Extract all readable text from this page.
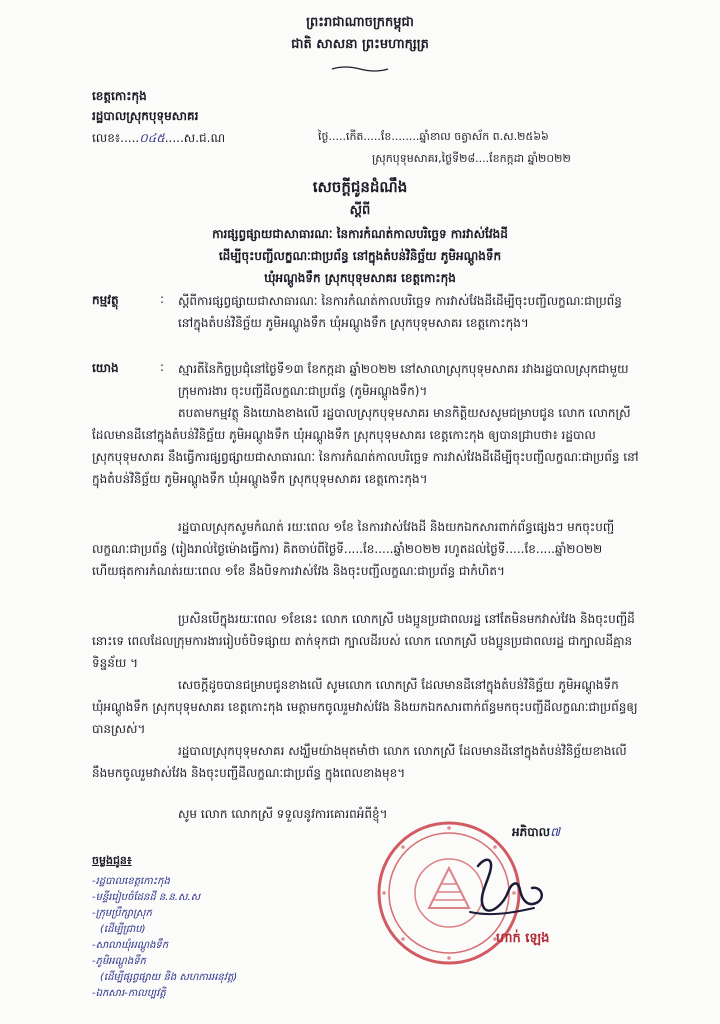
ព្រះរាជាណាចក្រកម្ពុជា
ជាតិ សាសនា ព្រះមហាក្សត្រ
ខេត្តកោះកុង
រដ្ឋបាលស្រុកបុទុមសាគរ
លេខ៖.....០៤៥.....ស.ជ.ណ	ថ្ងៃ.....កើត.....ខែ........ឆ្នាំខាល ចត្វាស័ក ព.ស.២៥៦៦
ស្រុកបុទុមសាគរ,ថ្ងៃទី២៨....ខែកក្កដា ឆ្នាំ២០២២
សេចក្តីជូនដំណឹង
ស្តីពី
ការផ្សព្វផ្សាយជាសាធារណៈ នៃការកំណត់កាលបរិច្ឆេទ ការវាស់វែងដី
ដើម្បីចុះបញ្ជីលក្ខណៈជាប្រព័ន្ធ នៅក្នុងតំបន់វិនិច្ឆ័យ ភូមិអណ្តូងទឹក
ឃុំអណ្តូងទឹក ស្រុកបុទុមសាគរ ខេត្តកោះកុង
កម្មវត្ថុ	: ស្តីពីការផ្សព្វផ្សាយជាសាធារណៈ នៃការកំណត់កាលបរិច្ឆេទ ការវាស់វែងដីដើម្បីចុះបញ្ជីលក្ខណៈជាប្រព័ន្ធ នៅក្នុងតំបន់វិនិច្ឆ័យ ភូមិអណ្តូងទឹក ឃុំអណ្តូងទឹក ស្រុកបុទុមសាគរ ខេត្តកោះកុង។
យោង	: ស្មារតីនៃកិច្ចប្រជុំនៅថ្ងៃទី១៣ ខែកក្កដា ឆ្នាំ២០២២ នៅសាលាស្រុកបុទុមសាគរ រវាងរដ្ឋបាលស្រុកជាមួយក្រុមការងារ ចុះបញ្ជីដីលក្ខណៈជាប្រព័ន្ធ (ភូមិអណ្តូងទឹក)។
តបតាមកម្មវត្ថុ និងយោងខាងលើ រដ្ឋបាលស្រុកបុទុមសាគរ មានកិត្តិយសសូមជម្រាបជូន លោក លោកស្រី ដែលមានដីនៅក្នុងតំបន់វិនិច្ឆ័យ ភូមិអណ្តូងទឹក ឃុំអណ្តូងទឹក ស្រុកបុទុមសាគរ ខេត្តកោះកុង ឲ្យបានជ្រាបថា៖ រដ្ឋបាលស្រុកបុទុមសាគរ នឹងធ្វើការផ្សព្វផ្សាយជាសាធារណៈ នៃការកំណត់កាលបរិច្ឆេទ ការវាស់វែងដីដើម្បីចុះបញ្ជីលក្ខណៈជាប្រព័ន្ធ នៅក្នុងតំបន់វិនិច្ឆ័យ ភូមិអណ្តូងទឹក ឃុំអណ្តូងទឹក ស្រុកបុទុមសាគរ ខេត្តកោះកុង។
រដ្ឋបាលស្រុកសូមកំណត់ រយៈពេល ១ខែ នៃការវាស់វែងដី និងយកឯកសារពាក់ព័ន្ធផ្សេងៗ មកចុះបញ្ជីលក្ខណៈជាប្រព័ន្ធ (រៀងរាល់ថ្ងៃម៉ោងធ្វើការ) គិតចាប់ពីថ្ងៃទី.....ខែ.....ឆ្នាំ២០២២ រហូតដល់ថ្ងៃទី.....ខែ.....ឆ្នាំ២០២២ ហើយផុតការកំណត់រយៈពេល ១ខែ នឹងបិទការវាស់វែង និងចុះបញ្ជីលក្ខណៈជាប្រព័ន្ធ ជាកំហិត។
ប្រសិនបើក្នុងរយៈពេល ១ខែនេះ លោក លោកស្រី បងប្អូនប្រជាពលរដ្ឋ នៅតែមិនមកវាស់វែង និងចុះបញ្ជីដីនោះទេ ពេលដែលក្រុមការងាររៀបចំបិទផ្សាយ តាក់ទុកជា ក្បាលដីរបស់ លោក លោកស្រី បងប្អូនប្រជាពលរដ្ឋ ជាក្បាលដីគ្មានទិន្នន័យ ។
សេចក្តីដូចបានជម្រាបជូនខាងលើ សូមលោក លោកស្រី ដែលមានដីនៅក្នុងតំបន់វិនិច្ឆ័យ ភូមិអណ្តូងទឹក ឃុំអណ្តូងទឹក ស្រុកបុទុមសាគរ ខេត្តកោះកុង មេត្តាមកចូលរួមវាស់វែង និងយកឯកសារពាក់ព័ន្ធមកចុះបញ្ជីដីលក្ខណៈជាប្រព័ន្ធឲ្យបានស្រស់។
រដ្ឋបាលស្រុកបុទុមសាគរ សង្ឃឹមយ៉ាងមុតមាំថា លោក លោកស្រី ដែលមានដីនៅក្នុងតំបន់វិនិច្ឆ័យខាងលើ នឹងមកចូលរួមវាស់វែង និងចុះបញ្ជីដីលក្ខណៈជាប្រព័ន្ធ ក្នុងពេលខាងមុខ។
សូម លោក លោកស្រី ទទួលនូវការគោរពអំពីខ្ញុំ។
អភិបាល៧
ហាក់ ឡេង
ចម្លងជូន៖
-រដ្ឋបាលខេត្តកោះកុង
-មន្ទីររៀបចំដែនដី ន.ន.ស.ស
-ក្រុមប្រឹក្សាស្រុក
(ដើម្បីជ្រាប)
-សាលាឃុំអណ្តូងទឹក
-ភូមិអណ្តូងទឹក
(ដើម្បីផ្សព្វផ្សាយ និង សហការអនុវត្ត)
-ឯកសារ-កាលប្បវត្តិ
